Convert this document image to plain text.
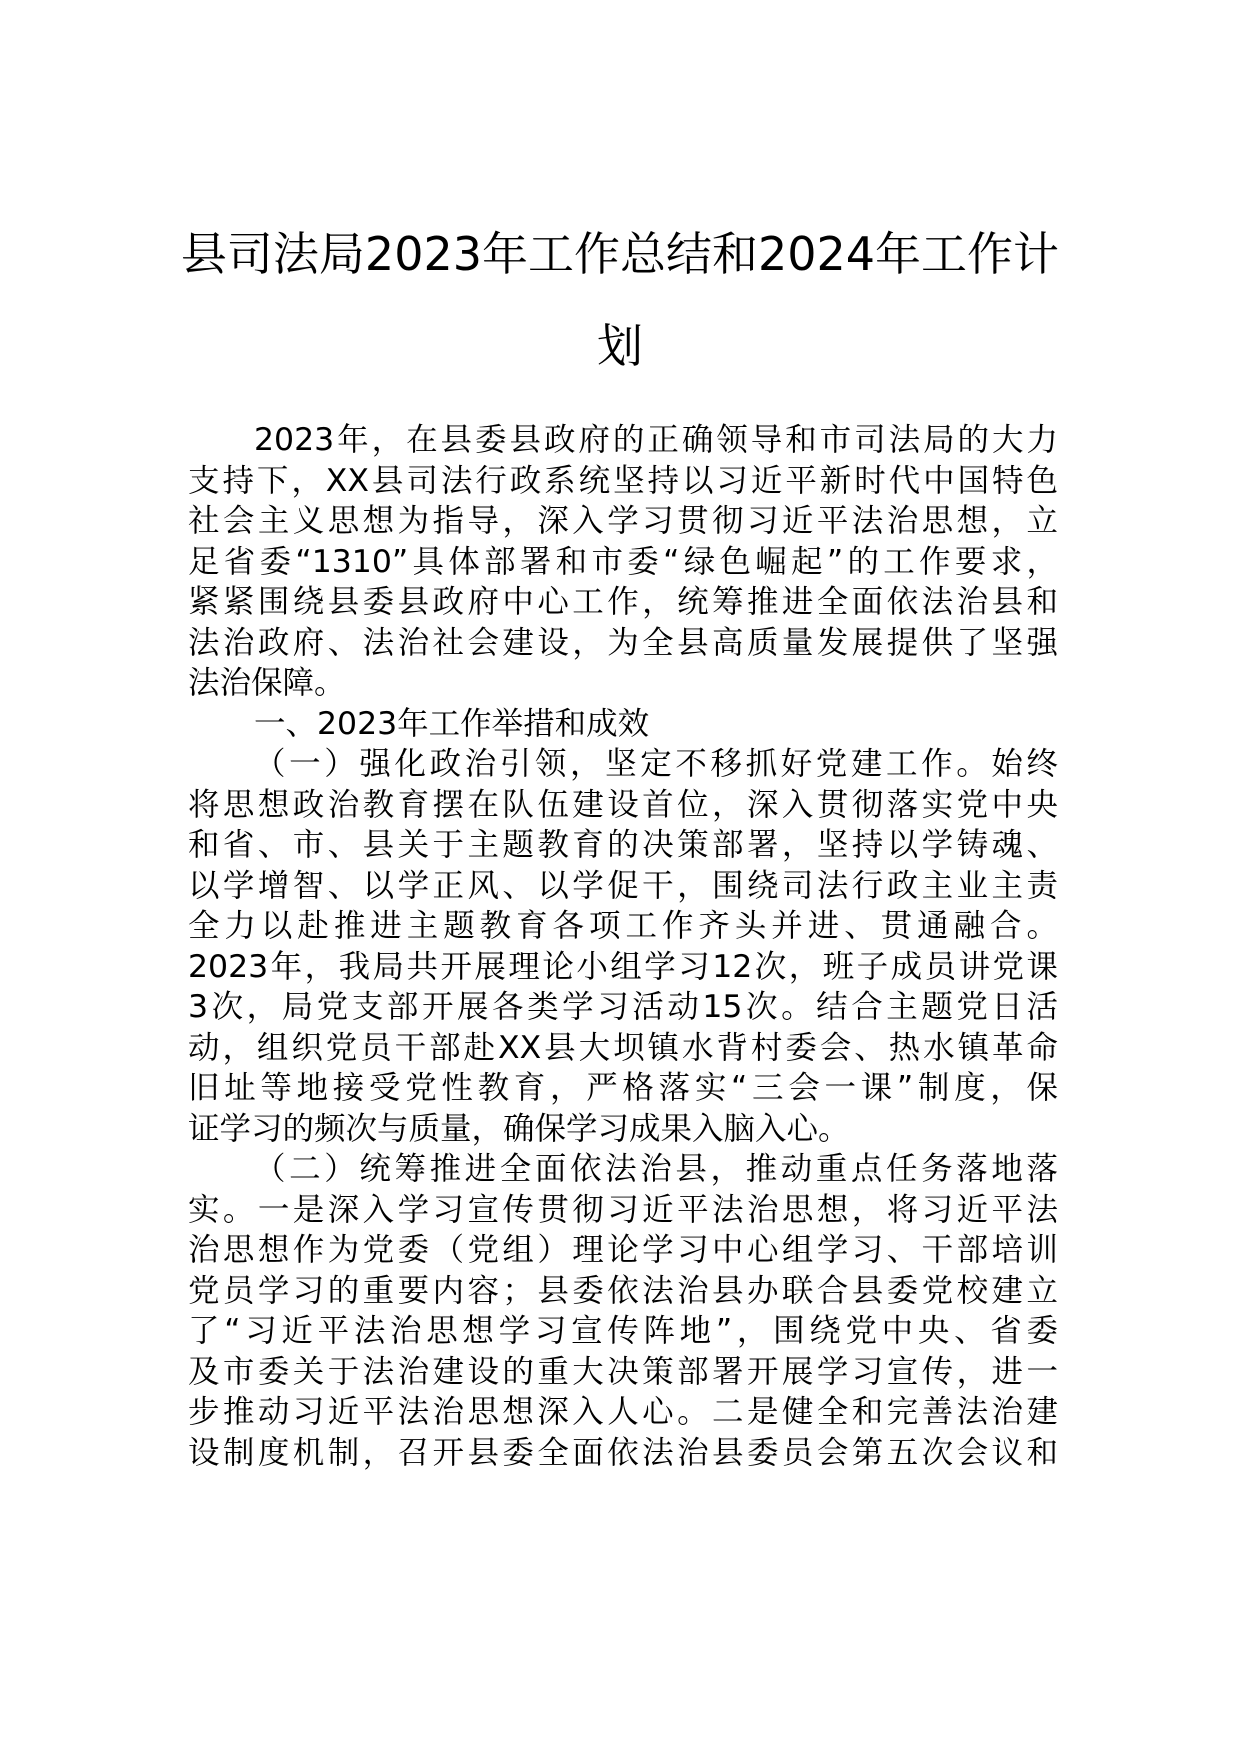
县司法局2023年工作总结和2024年工作计
划
2023年，在县委县政府的正确领导和市司法局的大力
支持下，XX县司法行政系统坚持以习近平新时代中国特色
社会主义思想为指导，深入学习贯彻习近平法治思想，立
足省委“1310”具体部署和市委“绿色崛起”的工作要求，
紧紧围绕县委县政府中心工作，统筹推进全面依法治县和
法治政府、法治社会建设，为全县高质量发展提供了坚强
法治保障。
一、2023年工作举措和成效
（一）强化政治引领，坚定不移抓好党建工作。始终
将思想政治教育摆在队伍建设首位，深入贯彻落实党中央
和省、市、县关于主题教育的决策部署，坚持以学铸魂、
以学增智、以学正风、以学促干，围绕司法行政主业主责
全力以赴推进主题教育各项工作齐头并进、贯通融合。
2023年，我局共开展理论小组学习12次，班子成员讲党课
3次，局党支部开展各类学习活动15次。结合主题党日活
动，组织党员干部赴XX县大坝镇水背村委会、热水镇革命
旧址等地接受党性教育，严格落实“三会一课”制度，保
证学习的频次与质量，确保学习成果入脑入心。
（二）统筹推进全面依法治县，推动重点任务落地落
实。一是深入学习宣传贯彻习近平法治思想，将习近平法
治思想作为党委（党组）理论学习中心组学习、干部培训
党员学习的重要内容；县委依法治县办联合县委党校建立
了“习近平法治思想学习宣传阵地”，围绕党中央、省委
及市委关于法治建设的重大决策部署开展学习宣传，进一
步推动习近平法治思想深入人心。二是健全和完善法治建
设制度机制，召开县委全面依法治县委员会第五次会议和
